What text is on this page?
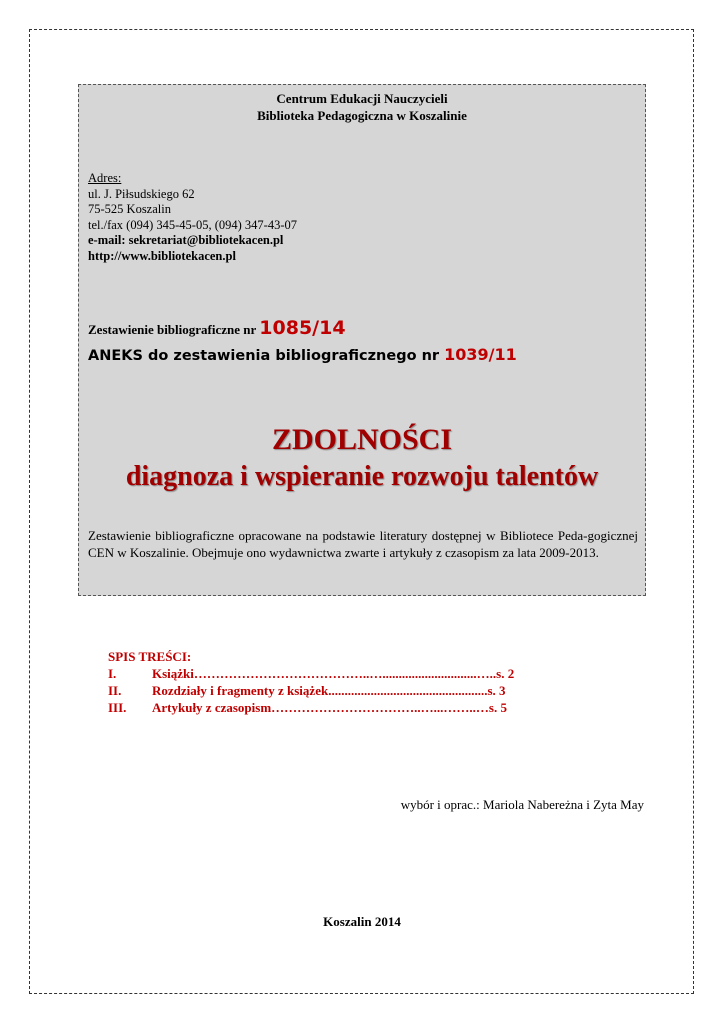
Centrum Edukacji Nauczycieli
Biblioteka Pedagogiczna w Koszalinie
Adres:
ul. J. Piłsudskiego 62
75-525 Koszalin
tel./fax (094) 345-45-05, (094) 347-43-07
e-mail: sekretariat@bibliotekacen.pl
http://www.bibliotekacen.pl
Zestawienie bibliograficzne nr 1085/14
ANEKS do zestawienia bibliograficznego nr 1039/11
ZDOLNOŚCI
diagnoza i wspieranie rozwoju talentów
Zestawienie bibliograficzne opracowane na podstawie literatury dostępnej w Bibliotece Peda-gogicznej CEN w Koszalinie. Obejmuje ono wydawnictwa zwarte i artykuły z czasopism za lata 2009-2013.
SPIS TREŚCI:
I.	Książki…………………………………..….............................…..s. 2
II.	Rozdziały i fragmenty z książek.................................................s. 3
III.	Artykuły z czasopism……………………………..…...……..…s. 5
wybór i oprac.: Mariola Nabereżna i Zyta May
Koszalin 2014
